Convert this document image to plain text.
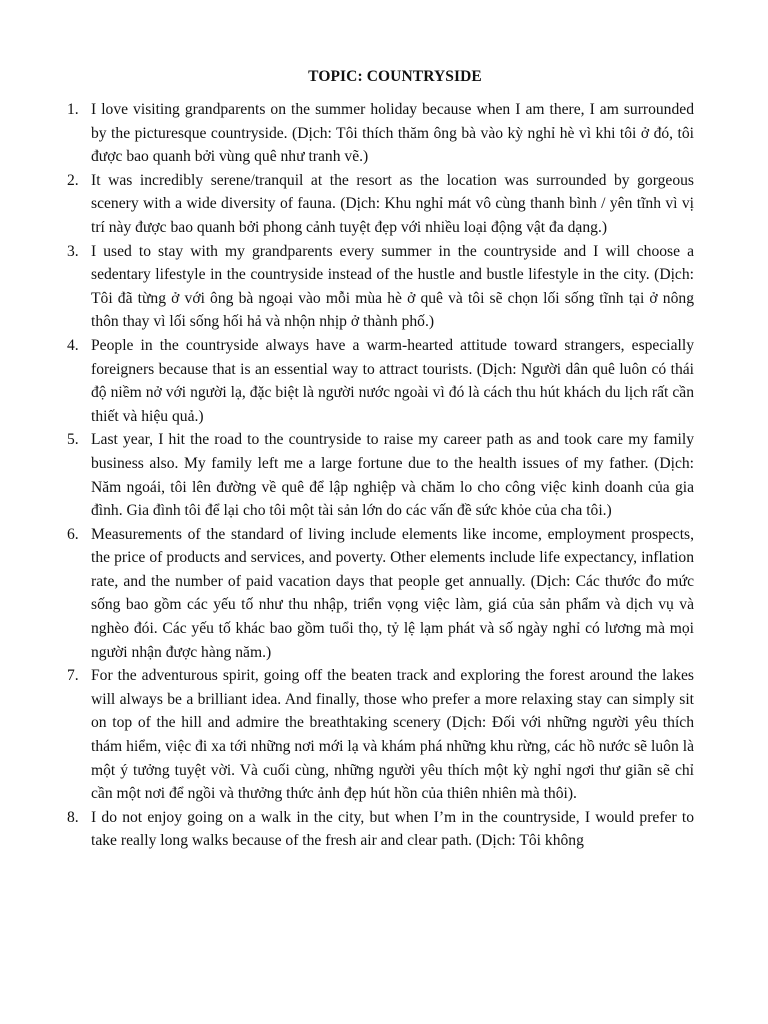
TOPIC: COUNTRYSIDE
1. I love visiting grandparents on the summer holiday because when I am there, I am surrounded by the picturesque countryside. (Dịch: Tôi thích thăm ông bà vào kỳ nghỉ hè vì khi tôi ở đó, tôi được bao quanh bởi vùng quê như tranh vẽ.)
2. It was incredibly serene/tranquil at the resort as the location was surrounded by gorgeous scenery with a wide diversity of fauna. (Dịch: Khu nghỉ mát vô cùng thanh bình / yên tĩnh vì vị trí này được bao quanh bởi phong cảnh tuyệt đẹp với nhiều loại động vật đa dạng.)
3. I used to stay with my grandparents every summer in the countryside and I will choose a sedentary lifestyle in the countryside instead of the hustle and bustle lifestyle in the city. (Dịch: Tôi đã từng ở với ông bà ngoại vào mỗi mùa hè ở quê và tôi sẽ chọn lối sống tĩnh tại ở nông thôn thay vì lối sống hối hả và nhộn nhịp ở thành phố.)
4. People in the countryside always have a warm-hearted attitude toward strangers, especially foreigners because that is an essential way to attract tourists. (Dịch: Người dân quê luôn có thái độ niềm nở với người lạ, đặc biệt là người nước ngoài vì đó là cách thu hút khách du lịch rất cần thiết và hiệu quả.)
5. Last year, I hit the road to the countryside to raise my career path as and took care my family business also. My family left me a large fortune due to the health issues of my father. (Dịch: Năm ngoái, tôi lên đường về quê để lập nghiệp và chăm lo cho công việc kinh doanh của gia đình. Gia đình tôi để lại cho tôi một tài sản lớn do các vấn đề sức khỏe của cha tôi.)
6. Measurements of the standard of living include elements like income, employment prospects, the price of products and services, and poverty. Other elements include life expectancy, inflation rate, and the number of paid vacation days that people get annually. (Dịch: Các thước đo mức sống bao gồm các yếu tố như thu nhập, triển vọng việc làm, giá của sản phẩm và dịch vụ và nghèo đói. Các yếu tố khác bao gồm tuổi thọ, tỷ lệ lạm phát và số ngày nghỉ có lương mà mọi người nhận được hàng năm.)
7. For the adventurous spirit, going off the beaten track and exploring the forest around the lakes will always be a brilliant idea. And finally, those who prefer a more relaxing stay can simply sit on top of the hill and admire the breathtaking scenery (Dịch: Đối với những người yêu thích thám hiểm, việc đi xa tới những nơi mới lạ và khám phá những khu rừng, các hồ nước sẽ luôn là một ý tưởng tuyệt vời. Và cuối cùng, những người yêu thích một kỳ nghỉ ngơi thư giãn sẽ chỉ cần một nơi để ngồi và thưởng thức ảnh đẹp hút hồn của thiên nhiên mà thôi).
8. I do not enjoy going on a walk in the city, but when I’m in the countryside, I would prefer to take really long walks because of the fresh air and clear path. (Dịch: Tôi không
